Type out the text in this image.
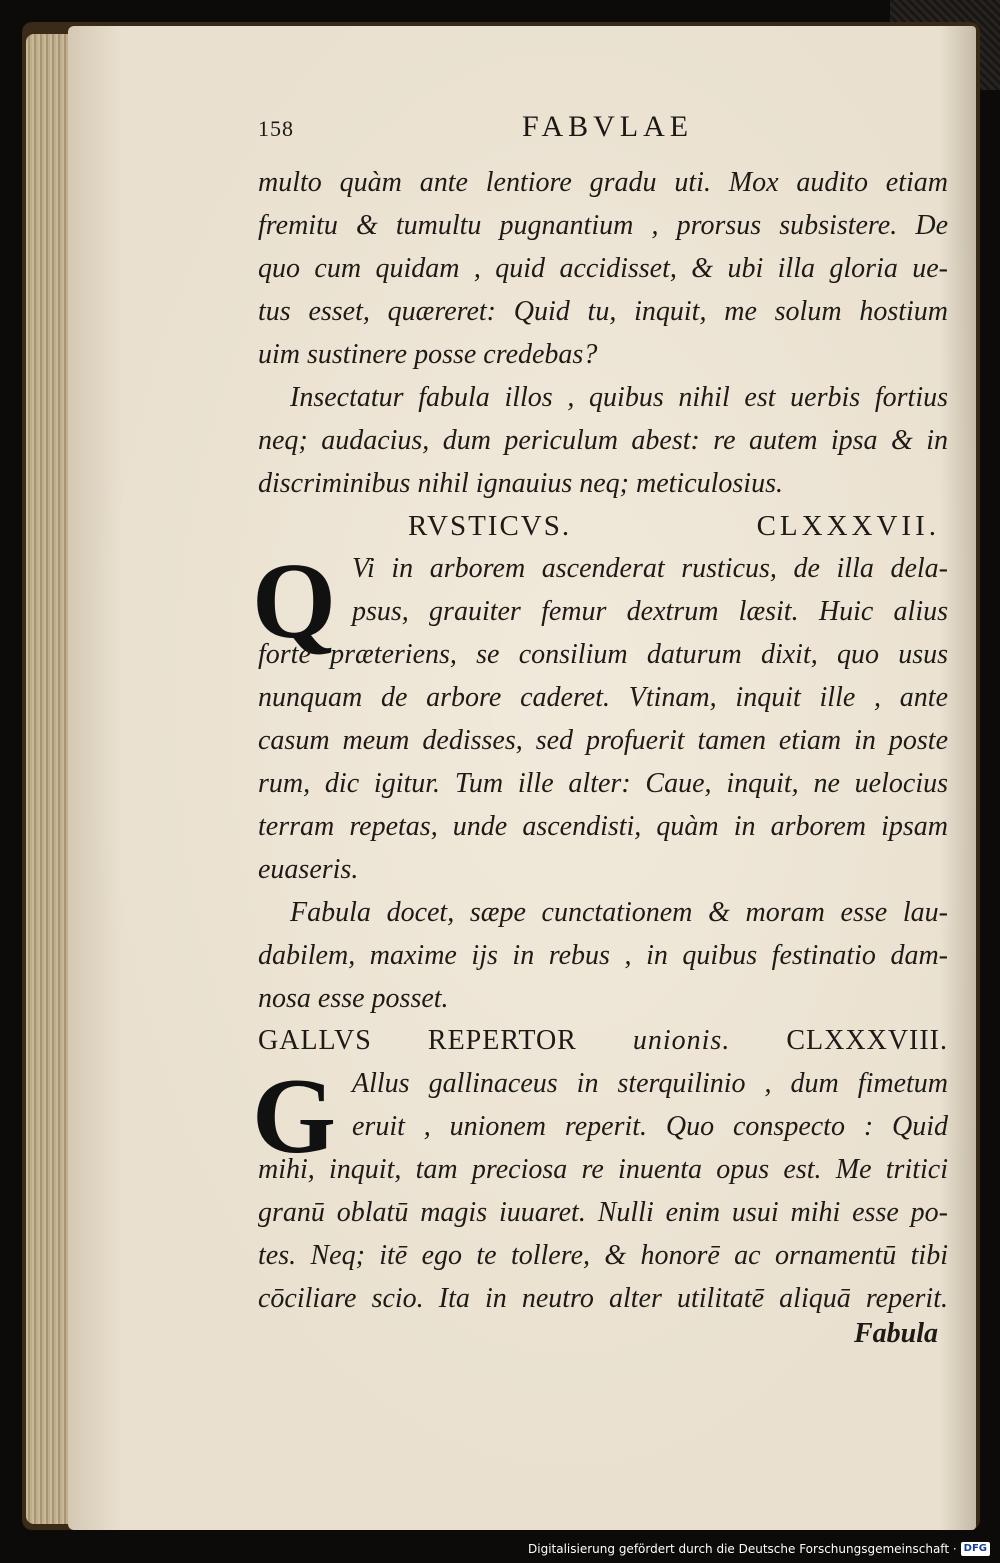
158	FABVLAE
multo quàm ante lentiore gradu uti. Mox audito etiam
fremitu & tumultu pugnantium , prorsus subsistere. De
quo cum quidam , quid accidisset, & ubi illa gloria ue-
tus esset, quæreret: Quid tu, inquit, me solum hostium
uim sustinere posse credebas?
Insectatur fabula illos , quibus nihil est uerbis fortius
neq; audacius, dum periculum abest: re autem ipsa & in
discriminibus nihil ignauius neq; meticulosius.
RVSTICVS.	CLXXXVII.
Q Vi in arborem ascenderat rusticus, de illa dela-
psus, grauiter femur dextrum læsit. Huic alius
forte præteriens, se consilium daturum dixit, quo usus
nunquam de arbore caderet. Vtinam, inquit ille , ante
casum meum dedisses, sed profuerit tamen etiam in poste
rum, dic igitur. Tum ille alter: Caue, inquit, ne uelocius
terram repetas, unde ascendisti, quàm in arborem ipsam
euaseris.
Fabula docet, sæpe cunctationem & moram esse lau-
dabilem, maxime ijs in rebus , in quibus festinatio dam-
nosa esse posset.
GALLVS REPERTOR unionis. CLXXXVIII.
G Allus gallinaceus in sterquilinio , dum fimetum
eruit , unionem reperit. Quo conspecto : Quid
mihi, inquit, tam preciosa re inuenta opus est. Me tritici
granū oblatū magis iuuaret. Nulli enim usui mihi esse po-
tes. Neq; itē ego te tollere, & honorē ac ornamentū tibi
cōciliare scio. Ita in neutro alter utilitatē aliquā reperit.
Fabula
Digitalisierung gefördert durch die Deutsche Forschungsgemeinschaft · DFG
